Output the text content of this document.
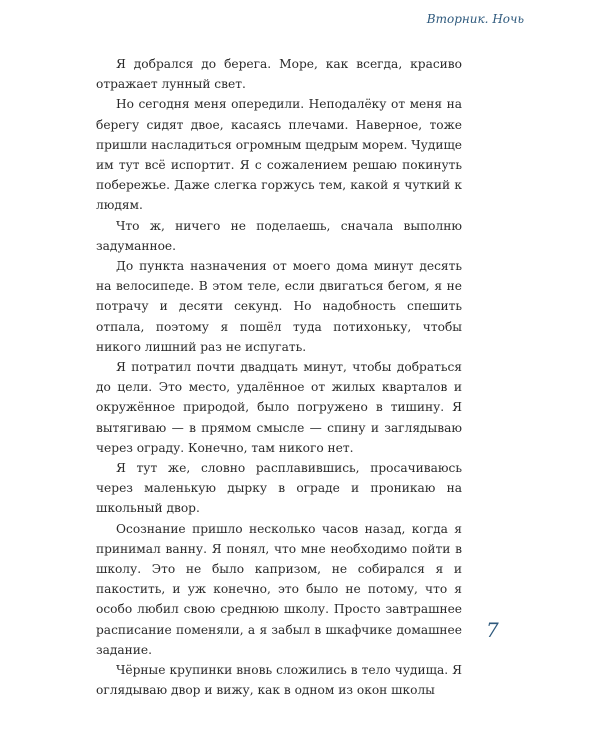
Вторник. Ночь

Я добрался до берега. Море, как всегда, красиво отражает лунный свет.

Но сегодня меня опередили. Неподалёку от меня на берегу сидят двое, касаясь плечами. Наверное, тоже пришли насладиться огромным щедрым морем. Чудище им тут всё испортит. Я с сожалением решаю покинуть побережье. Даже слегка горжусь тем, какой я чуткий к людям.

Что ж, ничего не поделаешь, сначала выполню задуманное.

До пункта назначения от моего дома минут десять на велосипеде. В этом теле, если двигаться бегом, я не потрачу и десяти секунд. Но надобность спешить отпала, поэтому я пошёл туда потихоньку, чтобы никого лишний раз не испугать.

Я потратил почти двадцать минут, чтобы добраться до цели. Это место, удалённое от жилых кварталов и окружённое природой, было погружено в тишину. Я вытягиваю — в прямом смысле — спину и заглядываю через ограду. Конечно, там никого нет.

Я тут же, словно расплавившись, просачиваюсь через маленькую дырку в ограде и проникаю на школьный двор.

Осознание пришло несколько часов назад, когда я принимал ванну. Я понял, что мне необходимо пойти в школу. Это не было капризом, не собирался я и пакостить, и уж конечно, это было не потому, что я особо любил свою среднюю школу. Просто завтрашнее расписание поменяли, а я забыл в шкафчике домашнее задание.

Чёрные крупинки вновь сложились в тело чудища. Я оглядываю двор и вижу, как в одном из окон школы

7
